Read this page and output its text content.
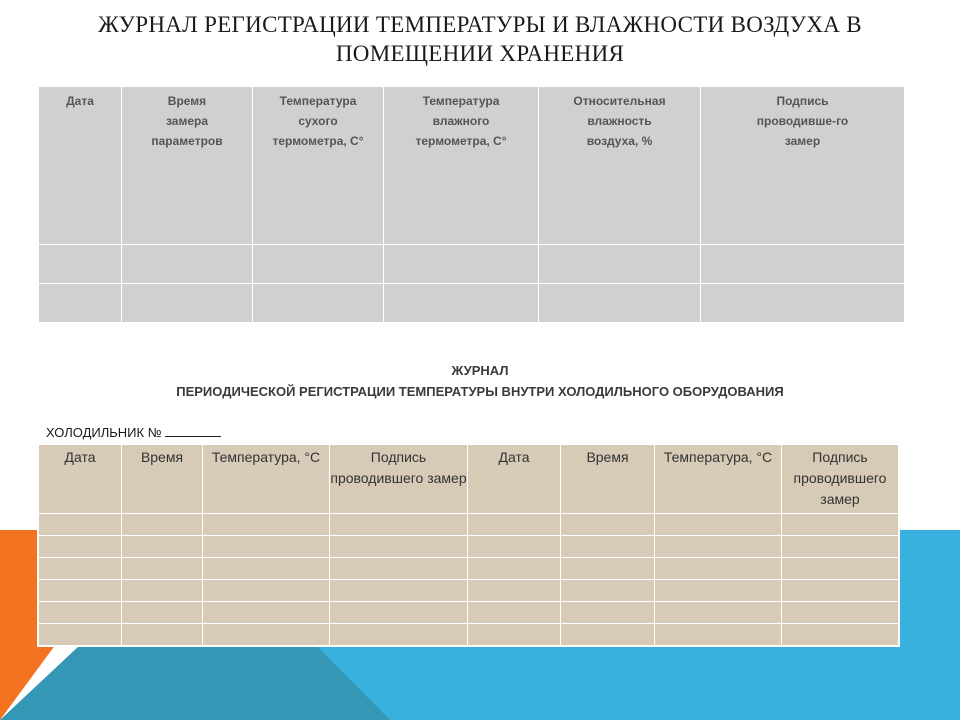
ЖУРНАЛ РЕГИСТРАЦИИ ТЕМПЕРАТУРЫ И ВЛАЖНОСТИ ВОЗДУХА В ПОМЕЩЕНИИ ХРАНЕНИЯ
Дата	Время замера параметров	Температура сухого термометра, С°	Температура влажного термометра, С°	Относительная влажность воздуха, %	Подпись проводивше-го замер

ЖУРНАЛ
ПЕРИОДИЧЕСКОЙ РЕГИСТРАЦИИ ТЕМПЕРАТУРЫ ВНУТРИ ХОЛОДИЛЬНОГО ОБОРУДОВАНИЯ
ХОЛОДИЛЬНИК №
Дата	Время	Температура, °С	Подпись проводившего замер	Дата	Время	Температура, °С	Подпись проводившего замер
